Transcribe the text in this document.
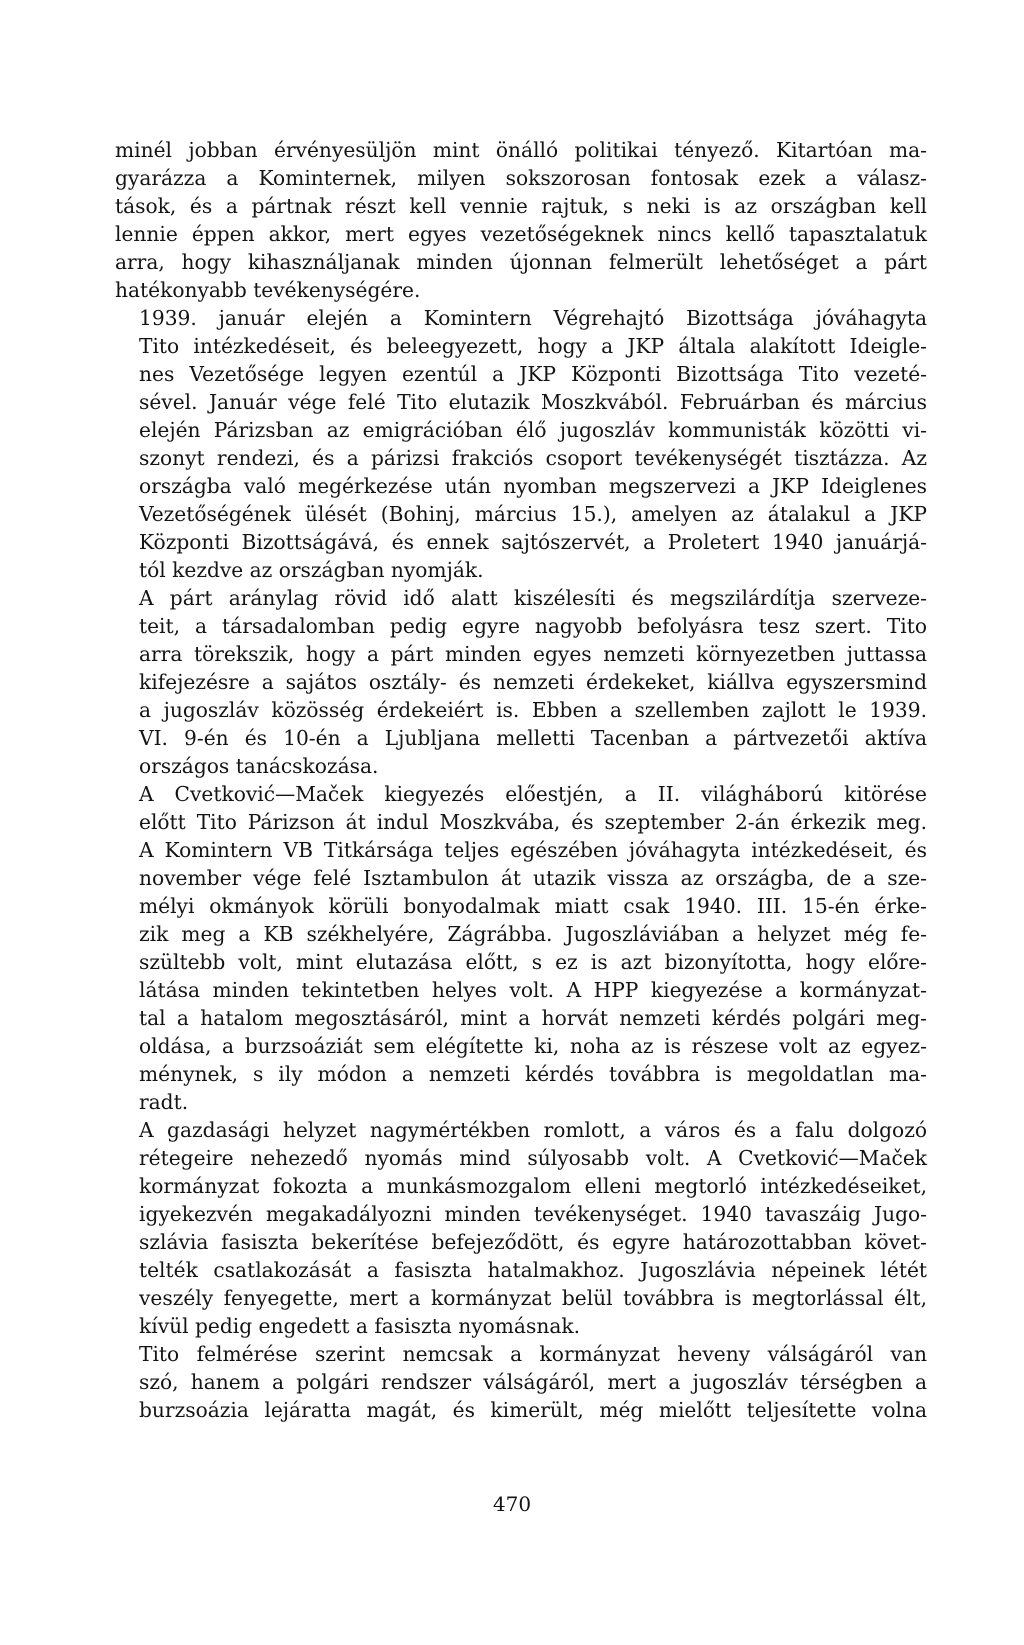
minél jobban érvényesüljön mint önálló politikai tényező. Kitartóan ma-
gyarázza a Kominternek, milyen sokszorosan fontosak ezek a válasz-
tások, és a pártnak részt kell vennie rajtuk, s neki is az országban kell
lennie éppen akkor, mert egyes vezetőségeknek nincs kellő tapasztalatuk
arra, hogy kihasználjanak minden újonnan felmerült lehetőséget a párt
hatékonyabb tevékenységére.

1939. január elején a Komintern Végrehajtó Bizottsága jóváhagyta
Tito intézkedéseit, és beleegyezett, hogy a JKP általa alakított Ideigle-
nes Vezetősége legyen ezentúl a JKP Központi Bizottsága Tito vezeté-
sével. Január vége felé Tito elutazik Moszkvából. Februárban és március
elején Párizsban az emigrációban élő jugoszláv kommunisták közötti vi-
szonyt rendezi, és a párizsi frakciós csoport tevékenységét tisztázza. Az
országba való megérkezése után nyomban megszervezi a JKP Ideiglenes
Vezetőségének ülését (Bohinj, március 15.), amelyen az átalakul a JKP
Központi Bizottságává, és ennek sajtószervét, a Proletert 1940 januárjá-
tól kezdve az országban nyomják.

A párt aránylag rövid idő alatt kiszélesíti és megszilárdítja szerveze-
teit, a társadalomban pedig egyre nagyobb befolyásra tesz szert. Tito
arra törekszik, hogy a párt minden egyes nemzeti környezetben juttassa
kifejezésre a sajátos osztály- és nemzeti érdekeket, kiállva egyszersmind
a jugoszláv közösség érdekeiért is. Ebben a szellemben zajlott le 1939.
VI. 9-én és 10-én a Ljubljana melletti Tacenban a pártvezetői aktíva
országos tanácskozása.

A Cvetković—Maček kiegyezés előestjén, a II. világháború kitörése
előtt Tito Párizson át indul Moszkvába, és szeptember 2-án érkezik meg.
A Komintern VB Titkársága teljes egészében jóváhagyta intézkedéseit, és
november vége felé Isztambulon át utazik vissza az országba, de a sze-
mélyi okmányok körüli bonyodalmak miatt csak 1940. III. 15-én érke-
zik meg a KB székhelyére, Zágrábba. Jugoszláviában a helyzet még fe-
szültebb volt, mint elutazása előtt, s ez is azt bizonyította, hogy előre-
látása minden tekintetben helyes volt. A HPP kiegyezése a kormányzat-
tal a hatalom megosztásáról, mint a horvát nemzeti kérdés polgári meg-
oldása, a burzsoáziát sem elégítette ki, noha az is részese volt az egyez-
ménynek, s ily módon a nemzeti kérdés továbbra is megoldatlan ma-
radt.

A gazdasági helyzet nagymértékben romlott, a város és a falu dolgozó
rétegeire nehezedő nyomás mind súlyosabb volt. A Cvetković—Maček
kormányzat fokozta a munkásmozgalom elleni megtorló intézkedéseiket,
igyekezvén megakadályozni minden tevékenységet. 1940 tavaszáig Jugo-
szlávia fasiszta bekerítése befejeződött, és egyre határozottabban követ-
telték csatlakozását a fasiszta hatalmakhoz. Jugoszlávia népeinek létét
veszély fenyegette, mert a kormányzat belül továbbra is megtorlással élt,
kívül pedig engedett a fasiszta nyomásnak.

Tito felmérése szerint nemcsak a kormányzat heveny válságáról van
szó, hanem a polgári rendszer válságáról, mert a jugoszláv térségben a
burzsoázia lejáratta magát, és kimerült, még mielőtt teljesítette volna

470
